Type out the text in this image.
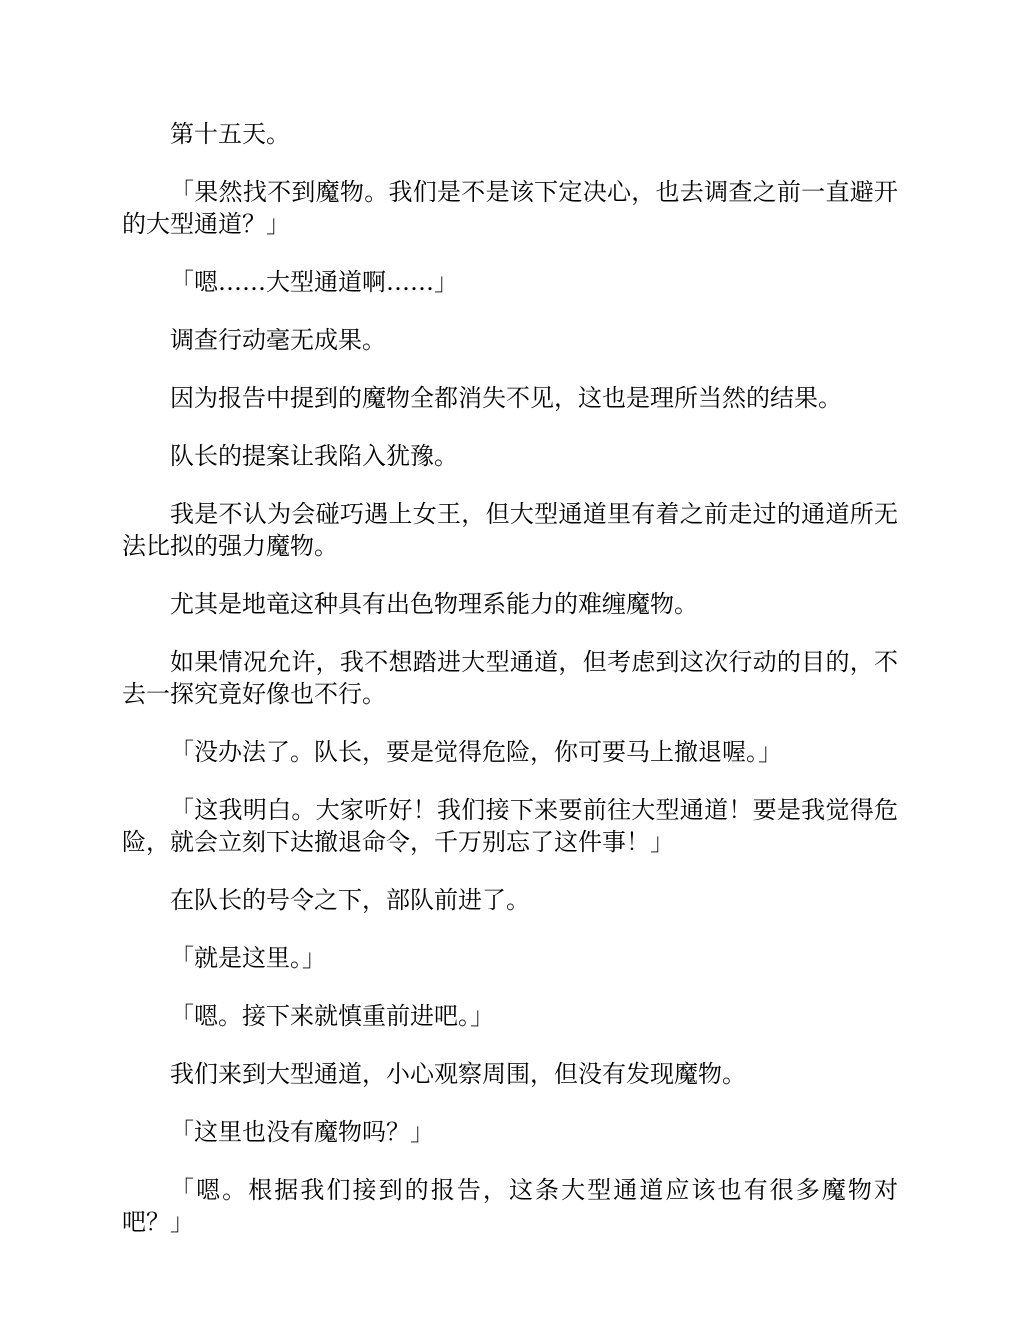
第十五天。

「果然找不到魔物。我们是不是该下定决心，也去调查之前一直避开的大型通道？」

「嗯……大型通道啊……」

调查行动毫无成果。

因为报告中提到的魔物全都消失不见，这也是理所当然的结果。

队长的提案让我陷入犹豫。

我是不认为会碰巧遇上女王，但大型通道里有着之前走过的通道所无法比拟的强力魔物。

尤其是地竜这种具有出色物理系能力的难缠魔物。

如果情况允许，我不想踏进大型通道，但考虑到这次行动的目的，不去一探究竟好像也不行。

「没办法了。队长，要是觉得危险，你可要马上撤退喔。」

「这我明白。大家听好！我们接下来要前往大型通道！要是我觉得危险，就会立刻下达撤退命令，千万别忘了这件事！」

在队长的号令之下，部队前进了。

「就是这里。」

「嗯。接下来就慎重前进吧。」

我们来到大型通道，小心观察周围，但没有发现魔物。

「这里也没有魔物吗？」

「嗯。根据我们接到的报告，这条大型通道应该也有很多魔物对吧？」
